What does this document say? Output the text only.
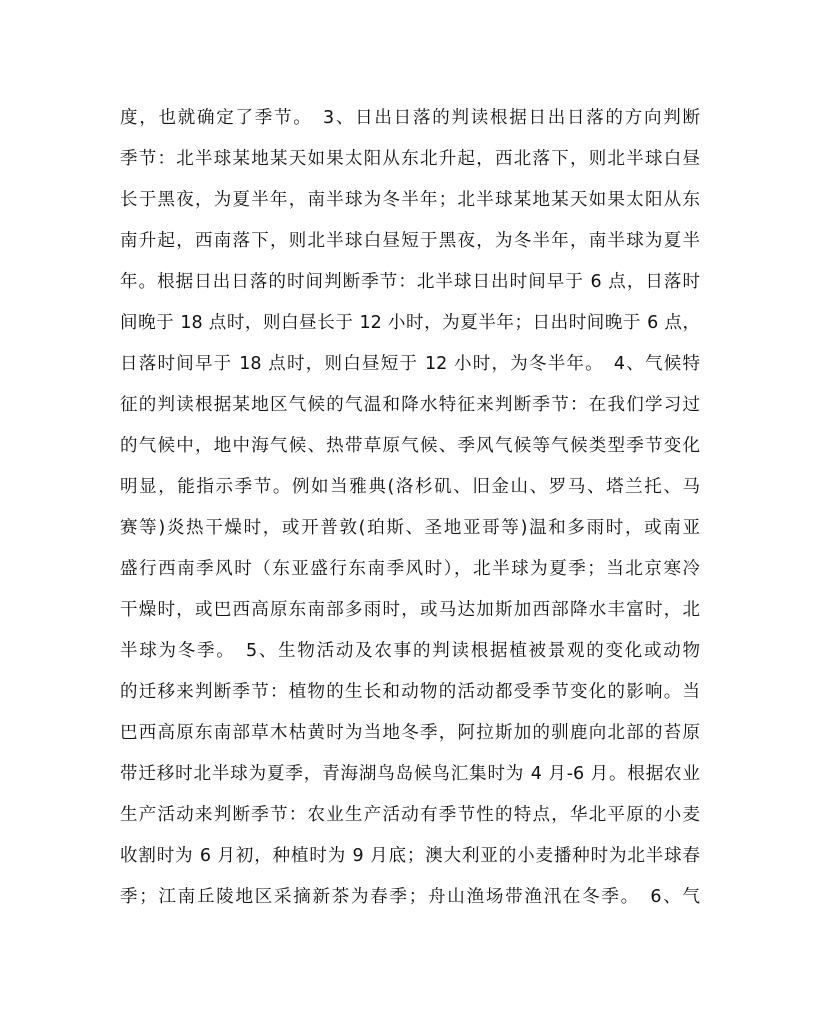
度，也就确定了季节。　3、日出日落的判读根据日出日落的方向判断
季节：北半球某地某天如果太阳从东北升起，西北落下，则北半球白昼
长于黑夜，为夏半年，南半球为冬半年；北半球某地某天如果太阳从东
南升起，西南落下，则北半球白昼短于黑夜，为冬半年，南半球为夏半
年。根据日出日落的时间判断季节：北半球日出时间早于 6 点，日落时
间晚于 18 点时，则白昼长于 12 小时，为夏半年；日出时间晚于 6 点，
日落时间早于 18 点时，则白昼短于 12 小时，为冬半年。　4、气候特
征的判读根据某地区气候的气温和降水特征来判断季节：在我们学习过
的气候中，地中海气候、热带草原气候、季风气候等气候类型季节变化
明显，能指示季节。例如当雅典(洛杉矶、旧金山、罗马、塔兰托、马
赛等)炎热干燥时，或开普敦(珀斯、圣地亚哥等)温和多雨时，或南亚
盛行西南季风时（东亚盛行东南季风时），北半球为夏季；当北京寒冷
干燥时，或巴西高原东南部多雨时，或马达加斯加西部降水丰富时，北
半球为冬季。　5、生物活动及农事的判读根据植被景观的变化或动物
的迁移来判断季节：植物的生长和动物的活动都受季节变化的影响。当
巴西高原东南部草木枯黄时为当地冬季，阿拉斯加的驯鹿向北部的苔原
带迁移时北半球为夏季，青海湖鸟岛候鸟汇集时为 4 月-6 月。根据农业
生产活动来判断季节：农业生产活动有季节性的特点，华北平原的小麦
收割时为 6 月初，种植时为 9 月底；澳大利亚的小麦播种时为北半球春
季；江南丘陵地区采摘新茶为春季；舟山渔场带渔汛在冬季。　6、气
